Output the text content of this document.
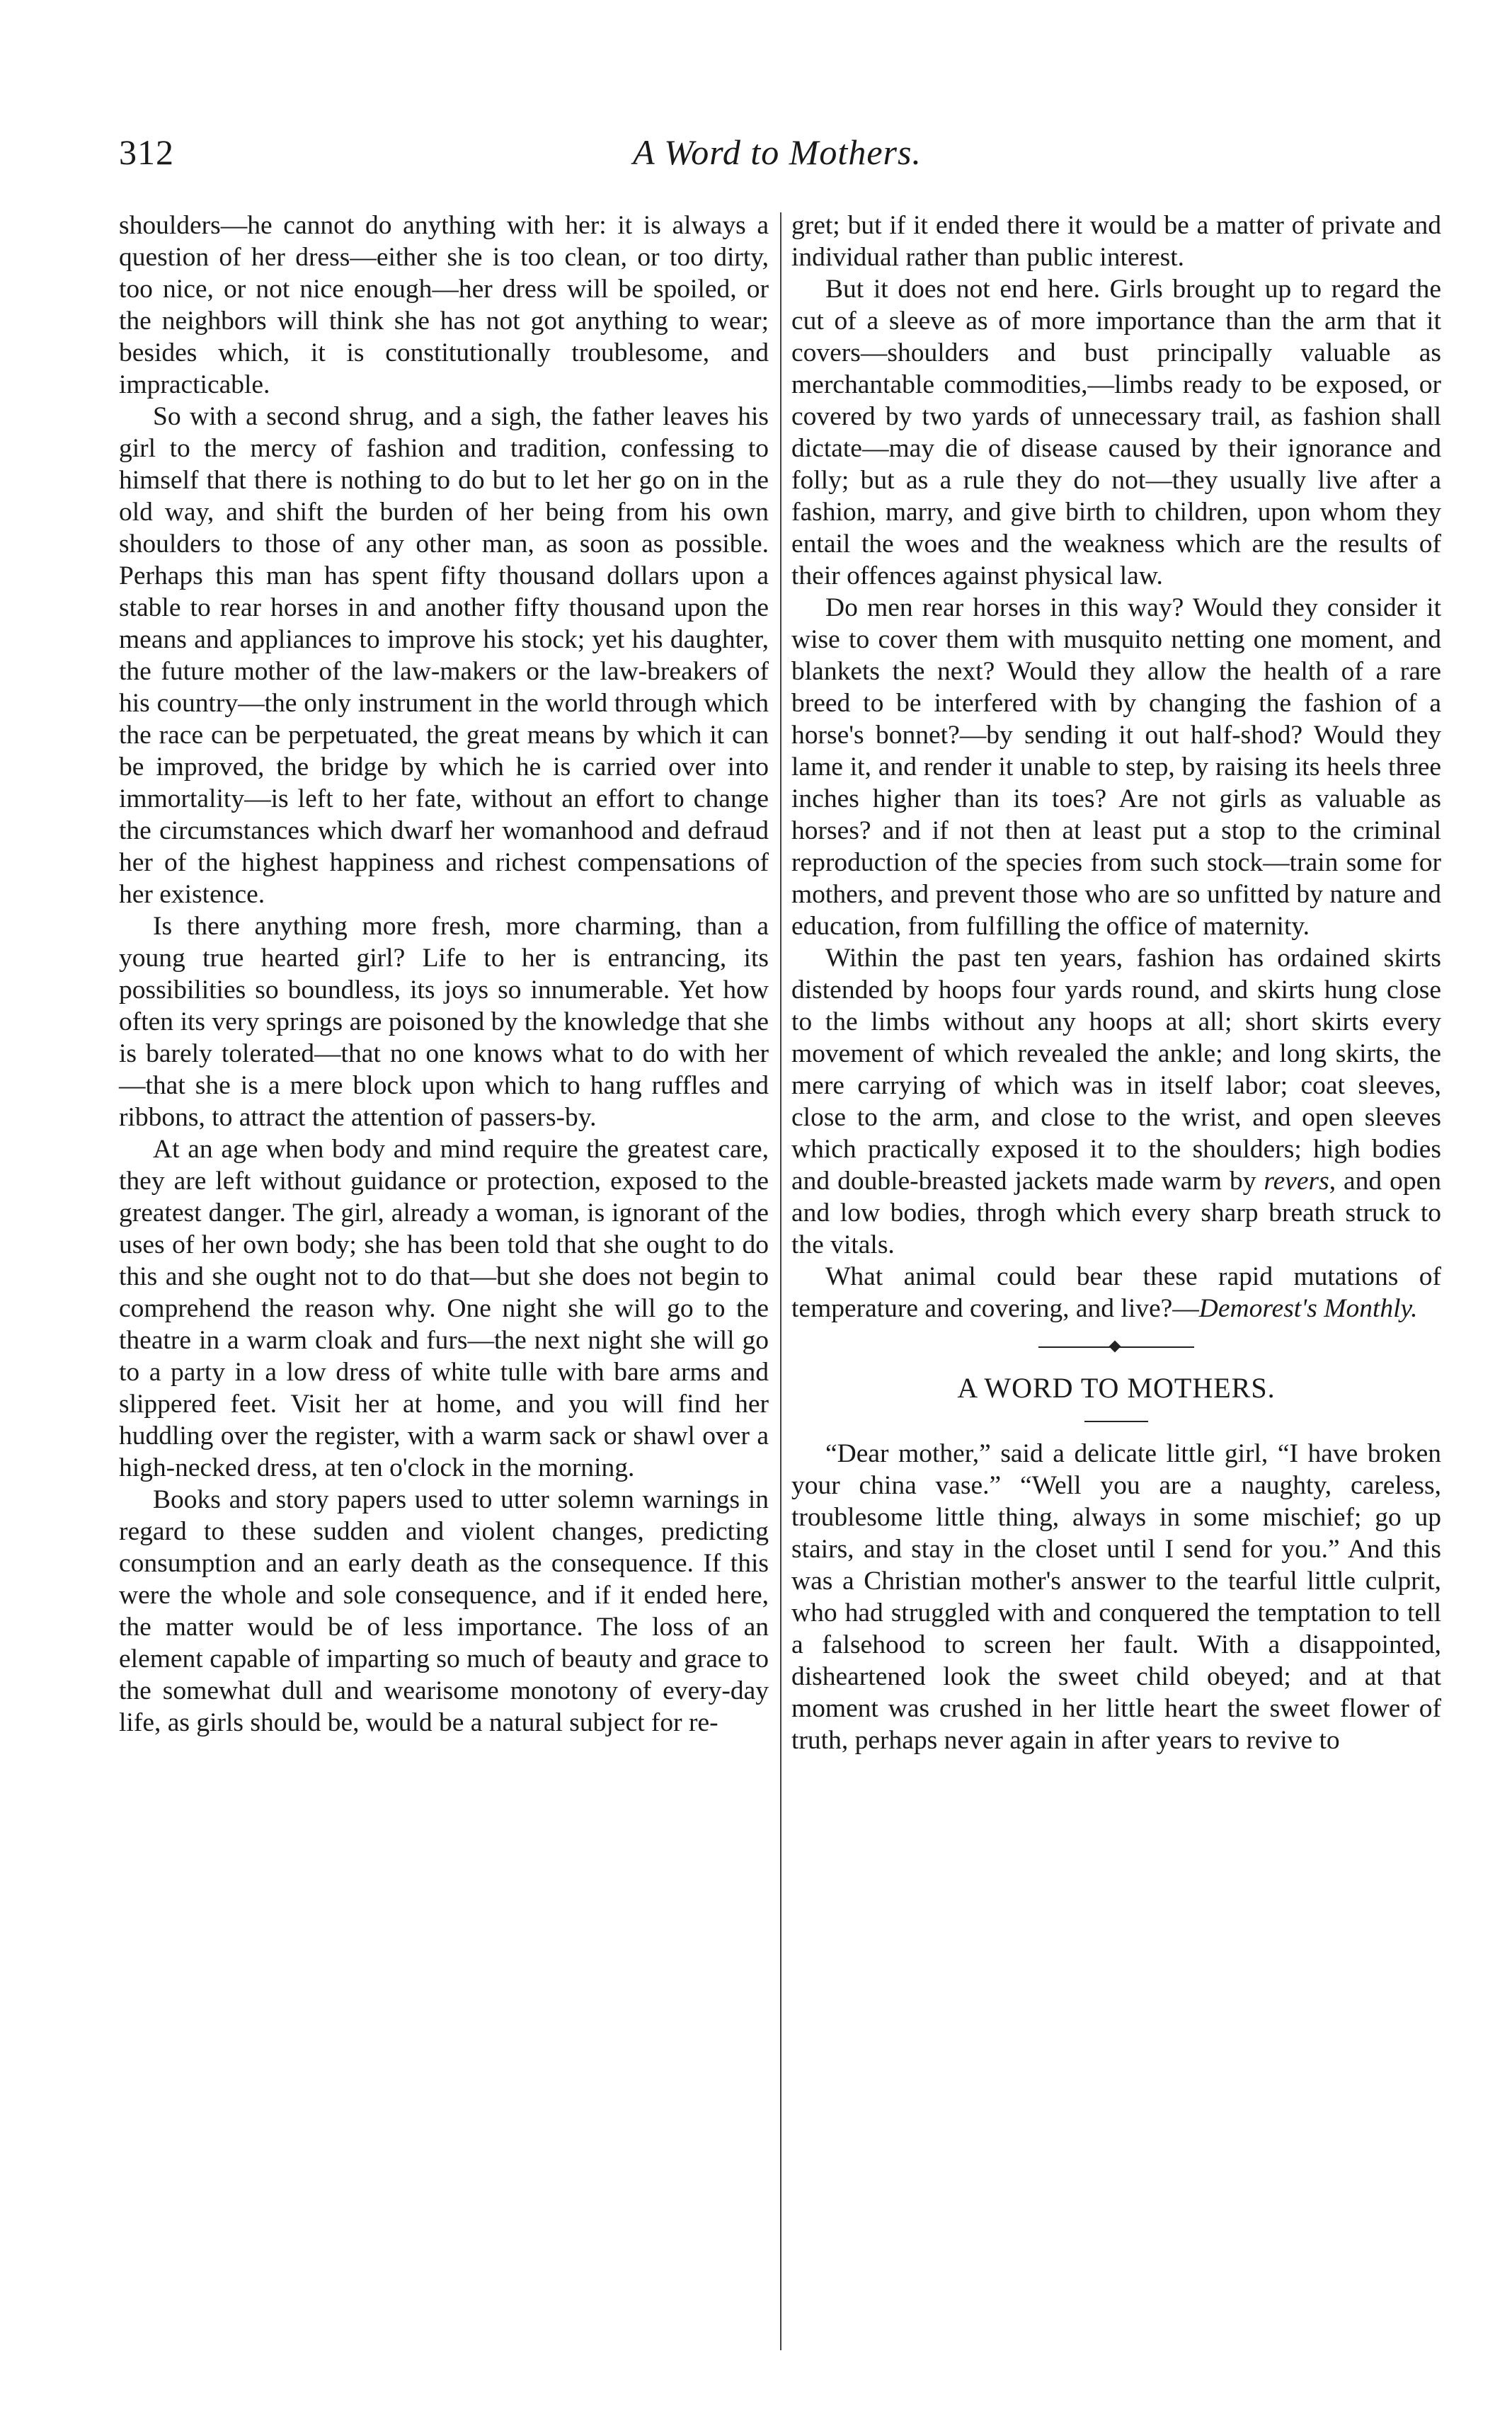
312	A Word to Mothers.

shoulders—he cannot do anything with her: it is always a question of her dress—either she is too clean, or too dirty, too nice, or not nice enough—her dress will be spoiled, or the neighbors will think she has not got anything to wear; besides which, it is constitutionally troublesome, and impracticable.

So with a second shrug, and a sigh, the father leaves his girl to the mercy of fashion and tradition, confessing to himself that there is nothing to do but to let her go on in the old way, and shift the burden of her being from his own shoulders to those of any other man, as soon as possible. Perhaps this man has spent fifty thousand dollars upon a stable to rear horses in and another fifty thousand upon the means and appliances to improve his stock; yet his daughter, the future mother of the law-makers or the law-breakers of his country—the only instrument in the world through which the race can be perpetuated, the great means by which it can be improved, the bridge by which he is carried over into immortality—is left to her fate, without an effort to change the circumstances which dwarf her womanhood and defraud her of the highest happiness and richest compensations of her existence.

Is there anything more fresh, more charming, than a young true hearted girl? Life to her is entrancing, its possibilities so boundless, its joys so innumerable. Yet how often its very springs are poisoned by the knowledge that she is barely tolerated—that no one knows what to do with her—that she is a mere block upon which to hang ruffles and ribbons, to attract the attention of passers-by.

At an age when body and mind require the greatest care, they are left without guidance or protection, exposed to the greatest danger. The girl, already a woman, is ignorant of the uses of her own body; she has been told that she ought to do this and she ought not to do that—but she does not begin to comprehend the reason why. One night she will go to the theatre in a warm cloak and furs—the next night she will go to a party in a low dress of white tulle with bare arms and slippered feet. Visit her at home, and you will find her huddling over the register, with a warm sack or shawl over a high-necked dress, at ten o'clock in the morning.

Books and story papers used to utter solemn warnings in regard to these sudden and violent changes, predicting consumption and an early death as the consequence. If this were the whole and sole consequence, and if it ended here, the matter would be of less importance. The loss of an element capable of imparting so much of beauty and grace to the somewhat dull and wearisome monotony of every-day life, as girls should be, would be a natural subject for re-

gret; but if it ended there it would be a matter of private and individual rather than public interest.

But it does not end here. Girls brought up to regard the cut of a sleeve as of more importance than the arm that it covers—shoulders and bust principally valuable as merchantable commodities,—limbs ready to be exposed, or covered by two yards of unnecessary trail, as fashion shall dictate—may die of disease caused by their ignorance and folly; but as a rule they do not—they usually live after a fashion, marry, and give birth to children, upon whom they entail the woes and the weakness which are the results of their offences against physical law.

Do men rear horses in this way? Would they consider it wise to cover them with musquito netting one moment, and blankets the next? Would they allow the health of a rare breed to be interfered with by changing the fashion of a horse's bonnet?—by sending it out half-shod? Would they lame it, and render it unable to step, by raising its heels three inches higher than its toes? Are not girls as valuable as horses? and if not then at least put a stop to the criminal reproduction of the species from such stock—train some for mothers, and prevent those who are so unfitted by nature and education, from fulfilling the office of maternity.

Within the past ten years, fashion has ordained skirts distended by hoops four yards round, and skirts hung close to the limbs without any hoops at all; short skirts every movement of which revealed the ankle; and long skirts, the mere carrying of which was in itself labor; coat sleeves, close to the arm, and close to the wrist, and open sleeves which practically exposed it to the shoulders; high bodies and double-breasted jackets made warm by revers, and open and low bodies, throgh which every sharp breath struck to the vitals.

What animal could bear these rapid mutations of temperature and covering, and live?—Demorest's Monthly.

A WORD TO MOTHERS.

“Dear mother,” said a delicate little girl, “I have broken your china vase.” “Well you are a naughty, careless, troublesome little thing, always in some mischief; go up stairs, and stay in the closet until I send for you.” And this was a Christian mother's answer to the tearful little culprit, who had struggled with and conquered the temptation to tell a falsehood to screen her fault. With a disappointed, disheartened look the sweet child obeyed; and at that moment was crushed in her little heart the sweet flower of truth, perhaps never again in after years to revive to
